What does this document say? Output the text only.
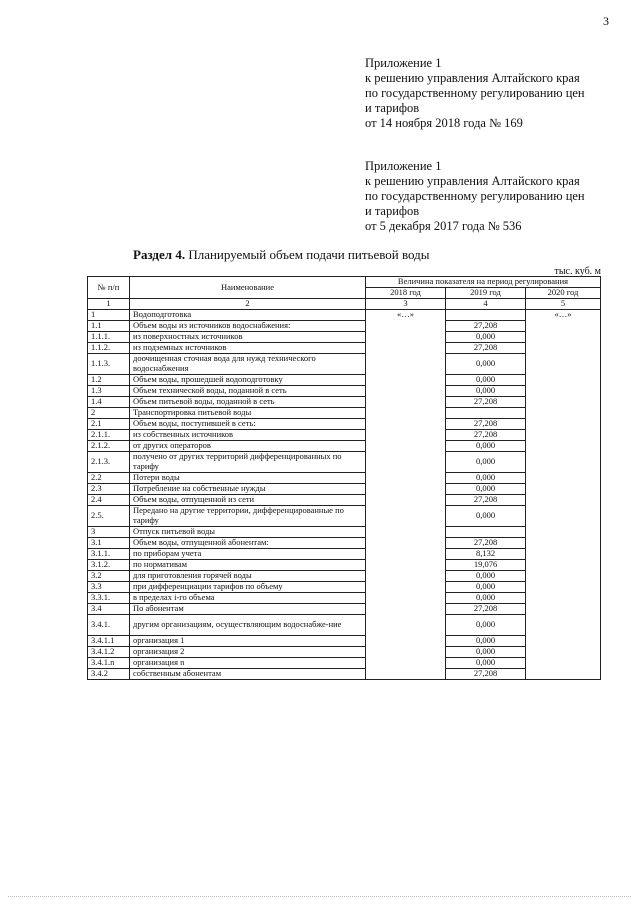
3
Приложение 1
к решению управления Алтайского края
по государственному регулированию цен
и тарифов
от 14 ноября 2018 года № 169
Приложение 1
к решению управления Алтайского края
по государственному регулированию цен
и тарифов
от 5 декабря 2017 года № 536
Раздел 4. Планируемый объем подачи питьевой воды
тыс. куб. м
№ п/п	Наименование	Величина показателя на период регулирования		
		2018 год	2019 год	2020 год
1	2	3	4	5
1	Водоподготовка	«…»		«…»
1.1	Объем воды из источников водоснабжения:		27,208	
1.1.1.	из поверхностных источников		0,000	
1.1.2.	из подземных источников		27,208	
1.1.3.	доочищенная сточная вода для нужд технического водоснабжения		0,000	
1.2	Объем воды, прошедшей водоподготовку		0,000	
1.3	Объем технической воды, поданной в сеть		0,000	
1.4	Объем питьевой воды, поданной в сеть		27,208	
2	Транспортировка питьевой воды			
2.1	Объем воды, поступившей в сеть:		27,208	
2.1.1.	из собственных источников		27,208	
2.1.2.	от других операторов		0,000	
2.1.3.	получено от других территорий дифференцированных по тарифу		0,000	
2.2	Потери воды		0,000	
2.3	Потребление на собственные нужды		0,000	
2.4	Объем воды, отпущенной из сети		27,208	
2.5.	Передано на другие территории, дифференцированные по тарифу		0,000	
3	Отпуск питьевой воды			
3.1	Объем воды, отпущенной абонентам:		27,208	
3.1.1.	по приборам учета		8,132	
3.1.2.	по нормативам		19,076	
3.2	для приготовления горячей воды		0,000	
3.3	при дифференциации тарифов по объему		0,000	
3.3.1.	в пределах i-го объема		0,000	
3.4	По абонентам		27,208	
3.4.1.	другим организациям, осуществляющим водоснабже-ние		0,000	
3.4.1.1	организация 1		0,000	
3.4.1.2	организация 2		0,000	
3.4.1.n	организация n		0,000	
3.4.2	собственным абонентам		27,208	
